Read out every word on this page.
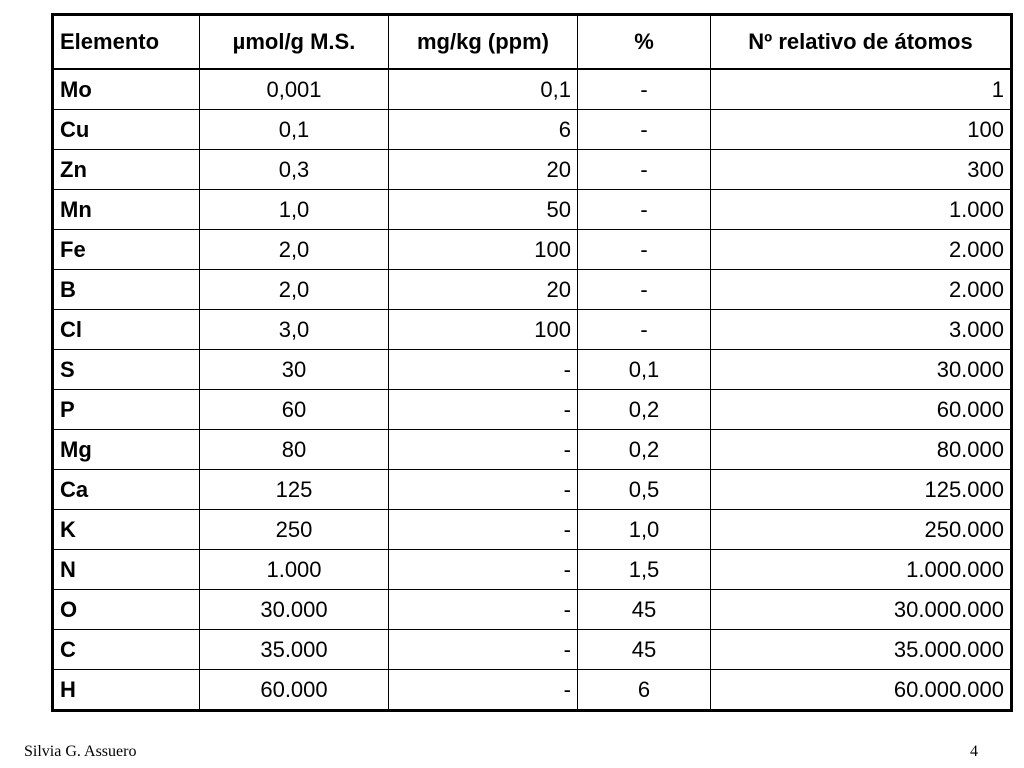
Elemento	µmol/g M.S.	mg/kg (ppm)	%	Nº relativo de átomos
Mo	0,001	0,1	-	1
Cu	0,1	6	-	100
Zn	0,3	20	-	300
Mn	1,0	50	-	1.000
Fe	2,0	100	-	2.000
B	2,0	20	-	2.000
Cl	3,0	100	-	3.000
S	30	-	0,1	30.000
P	60	-	0,2	60.000
Mg	80	-	0,2	80.000
Ca	125	-	0,5	125.000
K	250	-	1,0	250.000
N	1.000	-	1,5	1.000.000
O	30.000	-	45	30.000.000
C	35.000	-	45	35.000.000
H	60.000	-	6	60.000.000
Silvia G. Assuero	4
